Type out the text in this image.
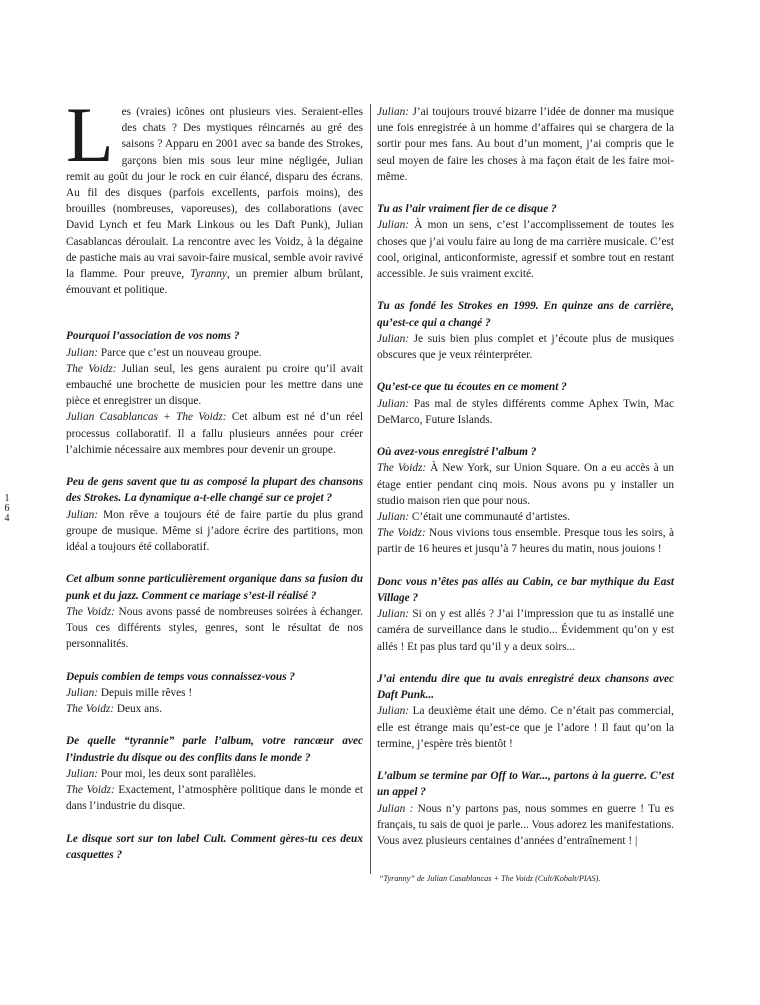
1
6
4

Les (vraies) icônes ont plusieurs vies. Seraient-elles des chats ? Des mystiques réincarnés au gré des saisons ? Apparu en 2001 avec sa bande des Strokes, garçons bien mis sous leur mine négligée, Julian remit au goût du jour le rock en cuir élancé, disparu des écrans. Au fil des disques (parfois excellents, parfois moins), des brouilles (nombreuses, vaporeuses), des collaborations (avec David Lynch et feu Mark Linkous ou les Daft Punk), Julian Casablancas déroulait. La rencontre avec les Voidz, à la dégaine de pastiche mais au vrai savoir-faire musical, semble avoir ravivé la flamme. Pour preuve, Tyranny, un premier album brûlant, émouvant et politique.

Pourquoi l’association de vos noms ?

Julian: Parce que c’est un nouveau groupe.

The Voidz: Julian seul, les gens auraient pu croire qu’il avait embauché une brochette de musicien pour les mettre dans une pièce et enregistrer un disque.

Julian Casablancas + The Voidz: Cet album est né d’un réel processus collaboratif. Il a fallu plusieurs années pour créer l’alchimie nécessaire aux membres pour devenir un groupe.

Peu de gens savent que tu as composé la plupart des chansons des Strokes. La dynamique a-t-elle changé sur ce projet ?

Julian: Mon rêve a toujours été de faire partie du plus grand groupe de musique. Même si j’adore écrire des partitions, mon idéal a toujours été collaboratif.

Cet album sonne particulièrement organique dans sa fusion du punk et du jazz. Comment ce mariage s’est-il réalisé ?

The Voidz: Nous avons passé de nombreuses soirées à échanger. Tous ces différents styles, genres, sont le résultat de nos personnalités.

Depuis combien de temps vous connaissez-vous ?

Julian: Depuis mille rêves !

The Voidz: Deux ans.

De quelle “tyrannie” parle l’album, votre rancœur avec l’industrie du disque ou des conflits dans le monde ?

Julian: Pour moi, les deux sont parallèles.

The Voidz: Exactement, l’atmosphère politique dans le monde et dans l’industrie du disque.

Le disque sort sur ton label Cult. Comment gères-tu ces deux casquettes ?

Julian: J’ai toujours trouvé bizarre l’idée de donner ma musique une fois enregistrée à un homme d’affaires qui se chargera de la sortir pour mes fans. Au bout d’un moment, j’ai compris que le seul moyen de faire les choses à ma façon était de les faire moi-même.

Tu as l’air vraiment fier de ce disque ?

Julian: À mon un sens, c’est l’accomplissement de toutes les choses que j’ai voulu faire au long de ma carrière musicale. C’est cool, original, anticonformiste, agressif et sombre tout en restant accessible. Je suis vraiment excité.

Tu as fondé les Strokes en 1999. En quinze ans de carrière, qu’est-ce qui a changé ?

Julian: Je suis bien plus complet et j’écoute plus de musiques obscures que je veux réinterpréter.

Qu’est-ce que tu écoutes en ce moment ?

Julian: Pas mal de styles différents comme Aphex Twin, Mac DeMarco, Future Islands.

Où avez-vous enregistré l’album ?

The Voidz: À New York, sur Union Square. On a eu accès à un étage entier pendant cinq mois. Nous avons pu y installer un studio maison rien que pour nous.

Julian: C’était une communauté d’artistes.

The Voidz: Nous vivions tous ensemble. Presque tous les soirs, à partir de 16 heures et jusqu’à 7 heures du matin, nous jouions !

Donc vous n’êtes pas allés au Cabin, ce bar mythique du East Village ?

Julian: Si on y est allés ? J’ai l’impression que tu as installé une caméra de surveillance dans le studio... Évidemment qu’on y est allés ! Et pas plus tard qu’il y a deux soirs...

J’ai entendu dire que tu avais enregistré deux chansons avec Daft Punk...

Julian: La deuxième était une démo. Ce n’était pas commercial, elle est étrange mais qu’est-ce que je l’adore ! Il faut qu’on la termine, j’espère très bientôt !

L’album se termine par Off to War..., partons à la guerre. C’est un appel ?

Julian : Nous n’y partons pas, nous sommes en guerre ! Tu es français, tu sais de quoi je parle... Vous adorez les manifestations. Vous avez plusieurs centaines d’années d’entraînement ! |

“Tyranny” de Julian Casablancas + The Voidz (Cult/Kobalt/PIAS).
